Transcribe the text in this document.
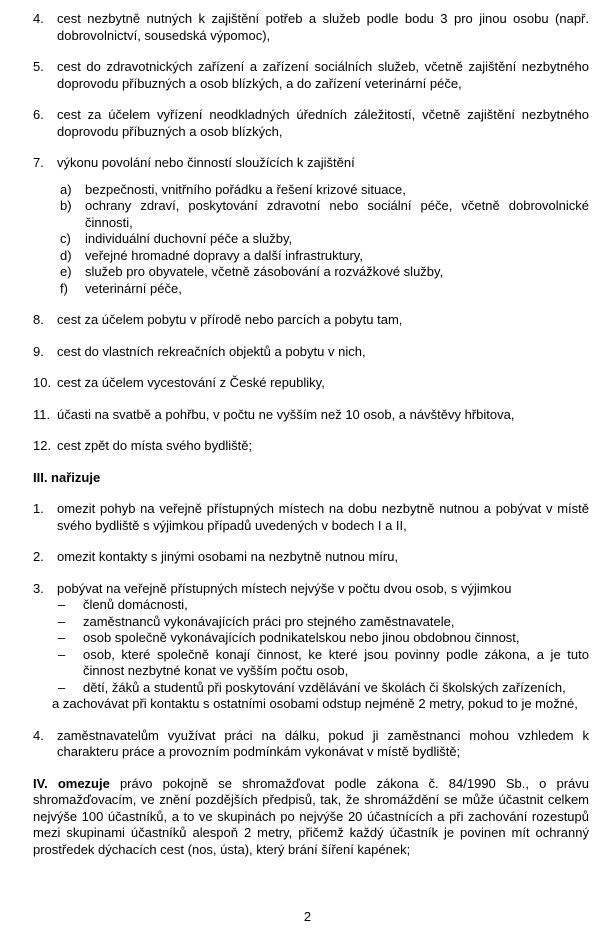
4.	cest nezbytně nutných k zajištění potřeb a služeb podle bodu 3 pro jinou osobu (např. dobrovolnictví, sousedská výpomoc),
5.	cest do zdravotnických zařízení a zařízení sociálních služeb, včetně zajištění nezbytného doprovodu příbuzných a osob blízkých, a do zařízení veterinární péče,
6.	cest za účelem vyřízení neodkladných úředních záležitostí, včetně zajištění nezbytného doprovodu příbuzných a osob blízkých,
7.	výkonu povolání nebo činností sloužících k zajištění
a)	bezpečnosti, vnitřního pořádku a řešení krizové situace,
b)	ochrany zdraví, poskytování zdravotní nebo sociální péče, včetně dobrovolnické činnosti,
c)	individuální duchovní péče a služby,
d)	veřejné hromadné dopravy a další infrastruktury,
e)	služeb pro obyvatele, včetně zásobování a rozvážkové služby,
f)	veterinární péče,
8.	cest za účelem pobytu v přírodě nebo parcích a pobytu tam,
9.	cest do vlastních rekreačních objektů a pobytu v nich,
10. cest za účelem vycestování z České republiky,
11. účasti na svatbě a pohřbu, v počtu ne vyšším než 10 osob, a návštěvy hřbitova,
12. cest zpět do místa svého bydliště;
III. nařizuje
1.	omezit pohyb na veřejně přístupných místech na dobu nezbytně nutnou a pobývat v místě svého bydliště s výjimkou případů uvedených v bodech I a II,
2.	omezit kontakty s jinými osobami na nezbytně nutnou míru,
3.	pobývat na veřejně přístupných místech nejvýše v počtu dvou osob, s výjimkou
–	členů domácnosti,
–	zaměstnanců vykonávajících práci pro stejného zaměstnavatele,
–	osob společně vykonávajících podnikatelskou nebo jinou obdobnou činnost,
–	osob, které společně konají činnost, ke které jsou povinny podle zákona, a je tuto činnost nezbytné konat ve vyšším počtu osob,
–	dětí, žáků a studentů při poskytování vzdělávání ve školách či školských zařízeních,
a zachovávat při kontaktu s ostatními osobami odstup nejméně 2 metry, pokud to je možné,
4.	zaměstnavatelům využívat práci na dálku, pokud ji zaměstnanci mohou vzhledem k charakteru práce a provozním podmínkám vykonávat v místě bydliště;

IV. omezuje právo pokojně se shromažďovat podle zákona č. 84/1990 Sb., o právu shromažďovacím, ve znění pozdějších předpisů, tak, že shromáždění se může účastnit celkem nejvýše 100 účastníků, a to ve skupinách po nejvýše 20 účastnících a při zachování rozestupů mezi skupinami účastníků alespoň 2 metry, přičemž každý účastník je povinen mít ochranný prostředek dýchacích cest (nos, ústa), který brání šíření kapének;

2
